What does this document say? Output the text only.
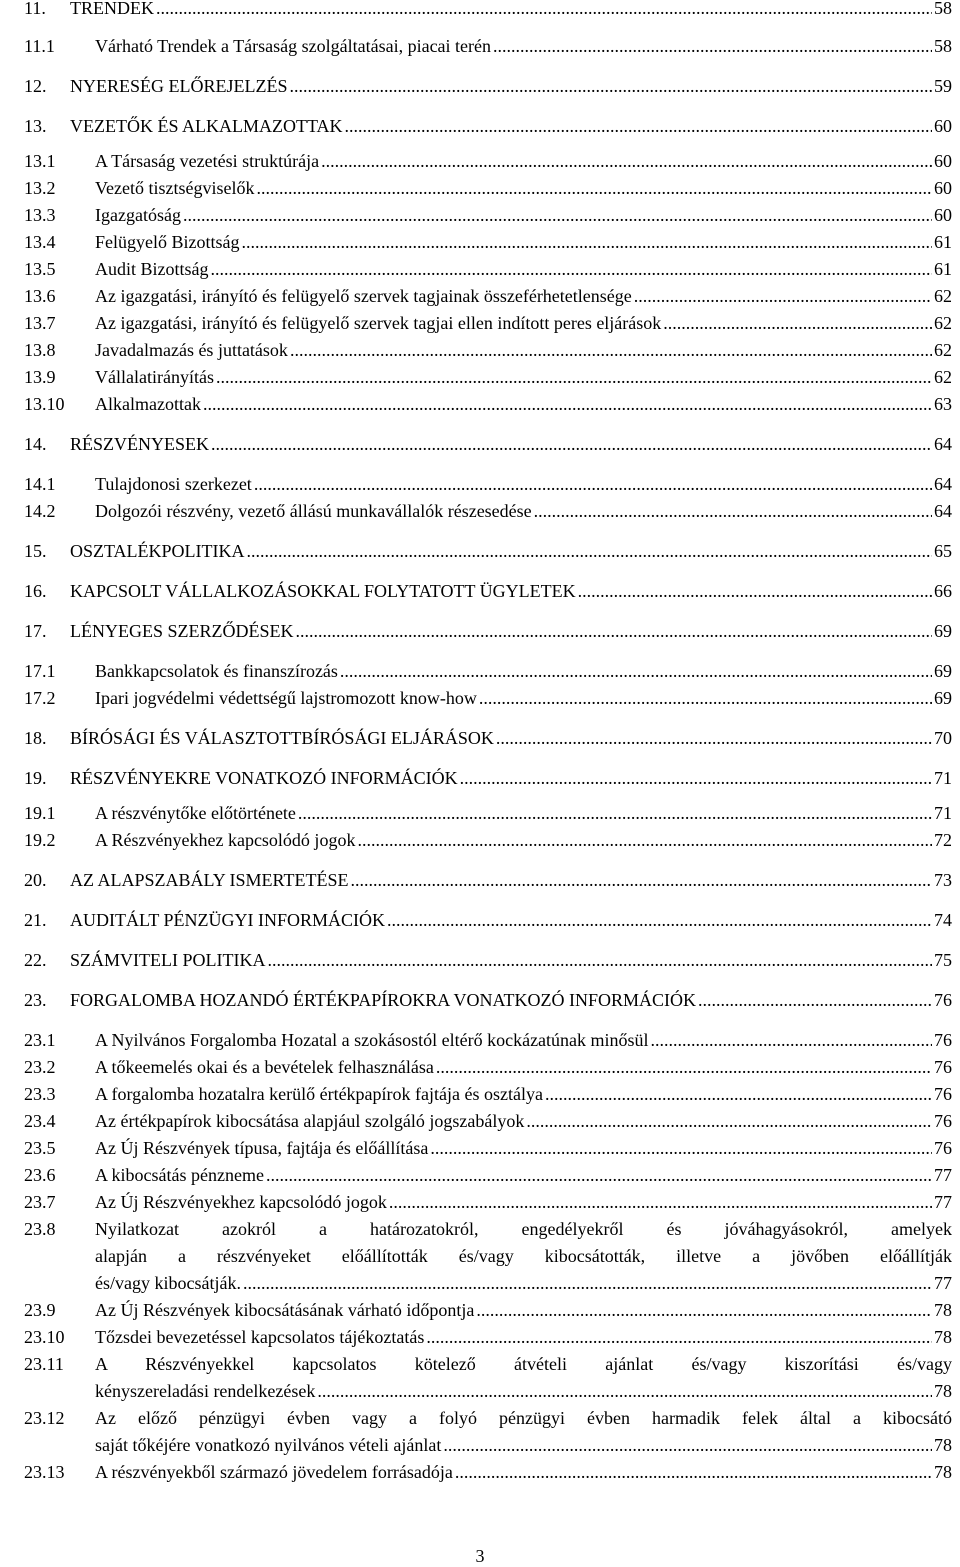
11. TRENDEK .....	58
11.1 Várható Trendek a Társaság szolgáltatásai, piacai terén .....	58
12. NYERESÉG ELŐREJELZÉS .....	59
13. VEZETŐK ÉS ALKALMAZOTTAK .....	60
13.1 A Társaság vezetési struktúrája .....	60
13.2 Vezető tisztségviselők .....	60
13.3 Igazgatóság .....	60
13.4 Felügyelő Bizottság .....	61
13.5 Audit Bizottság .....	61
13.6 Az igazgatási, irányító és felügyelő szervek tagjainak összeférhetetlensége .....	62
13.7 Az igazgatási, irányító és felügyelő szervek tagjai ellen indított peres eljárások .....	62
13.8 Javadalmazás és juttatások .....	62
13.9 Vállalatirányítás .....	62
13.10 Alkalmazottak .....	63
14. RÉSZVÉNYESEK .....	64
14.1 Tulajdonosi szerkezet .....	64
14.2 Dolgozói részvény, vezető állású munkavállalók részesedése .....	64
15. OSZTALÉKPOLITIKA .....	65
16. KAPCSOLT VÁLLALKOZÁSOKKAL FOLYTATOTT ÜGYLETEK .....	66
17. LÉNYEGES SZERZŐDÉSEK .....	69
17.1 Bankkapcsolatok és finanszírozás .....	69
17.2 Ipari jogvédelmi védettségű lajstromozott know-how .....	69
18. BÍRÓSÁGI ÉS VÁLASZTOTTBÍRÓSÁGI ELJÁRÁSOK .....	70
19. RÉSZVÉNYEKRE VONATKOZÓ INFORMÁCIÓK .....	71
19.1 A részvénytőke előtörténete .....	71
19.2 A Részvényekhez kapcsolódó jogok .....	72
20. AZ ALAPSZABÁLY ISMERTETÉSE .....	73
21. AUDITÁLT PÉNZÜGYI INFORMÁCIÓK .....	74
22. SZÁMVITELI POLITIKA .....	75
23. FORGALOMBA HOZANDÓ ÉRTÉKPAPÍROKRA VONATKOZÓ INFORMÁCIÓK .....	76
23.1 A Nyilvános Forgalomba Hozatal a szokásostól eltérő kockázatúnak minősül .....	76
23.2 A tőkeemelés okai és a bevételek felhasználása .....	76
23.3 A forgalomba hozatalra kerülő értékpapírok fajtája és osztálya .....	76
23.4 Az értékpapírok kibocsátása alapjául szolgáló jogszabályok .....	76
23.5 Az Új Részvények típusa, fajtája és előállítása .....	76
23.6 A kibocsátás pénzneme .....	77
23.7 Az Új Részvényekhez kapcsolódó jogok .....	77
23.8 Nyilatkozat azokról a határozatokról, engedélyekről és jóváhagyásokról, amelyek
alapján a részvényeket előállították és/vagy kibocsátották, illetve a jövőben előállítják
és/vagy kibocsátják. .....	77
23.9 Az Új Részvények kibocsátásának várható időpontja .....	78
23.10 Tőzsdei bevezetéssel kapcsolatos tájékoztatás .....	78
23.11 A Részvényekkel kapcsolatos kötelező átvételi ajánlat és/vagy kiszorítási és/vagy
kényszereladási rendelkezések .....	78
23.12 Az előző pénzügyi évben vagy a folyó pénzügyi évben harmadik felek által a kibocsátó
saját tőkéjére vonatkozó nyilvános vételi ajánlat .....	78
23.13 A részvényekből származó jövedelem forrásadója .....	78
3
